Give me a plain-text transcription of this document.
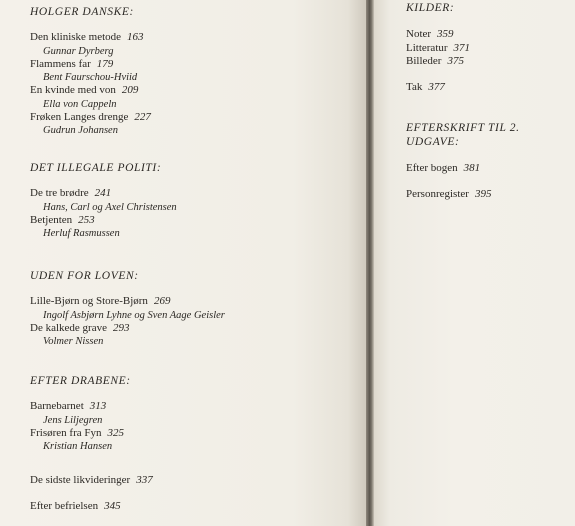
HOLGER DANSKE:

Den kliniske metode 163

Gunnar Dyrberg

Flammens far 179

Bent Faurschou-Hviid

En kvinde med von 209

Ella von Cappeln

Frøken Langes drenge 227

Gudrun Johansen

DET ILLEGALE POLITI:

De tre brødre 241

Hans, Carl og Axel Christensen

Betjenten 253

Herluf Rasmussen

UDEN FOR LOVEN:

Lille-Bjørn og Store-Bjørn 269

Ingolf Asbjørn Lyhne og Sven Aage Geisler

De kalkede grave 293

Volmer Nissen

EFTER DRABENE:

Barnebarnet 313

Jens Liljegren

Frisøren fra Fyn 325

Kristian Hansen

De sidste likvideringer 337

Efter befrielsen 345

KILDER:

Noter 359

Litteratur 371

Billeder 375

Tak 377

EFTERSKRIFT TIL 2. UDGAVE:

Efter bogen 381

Personregister 395
